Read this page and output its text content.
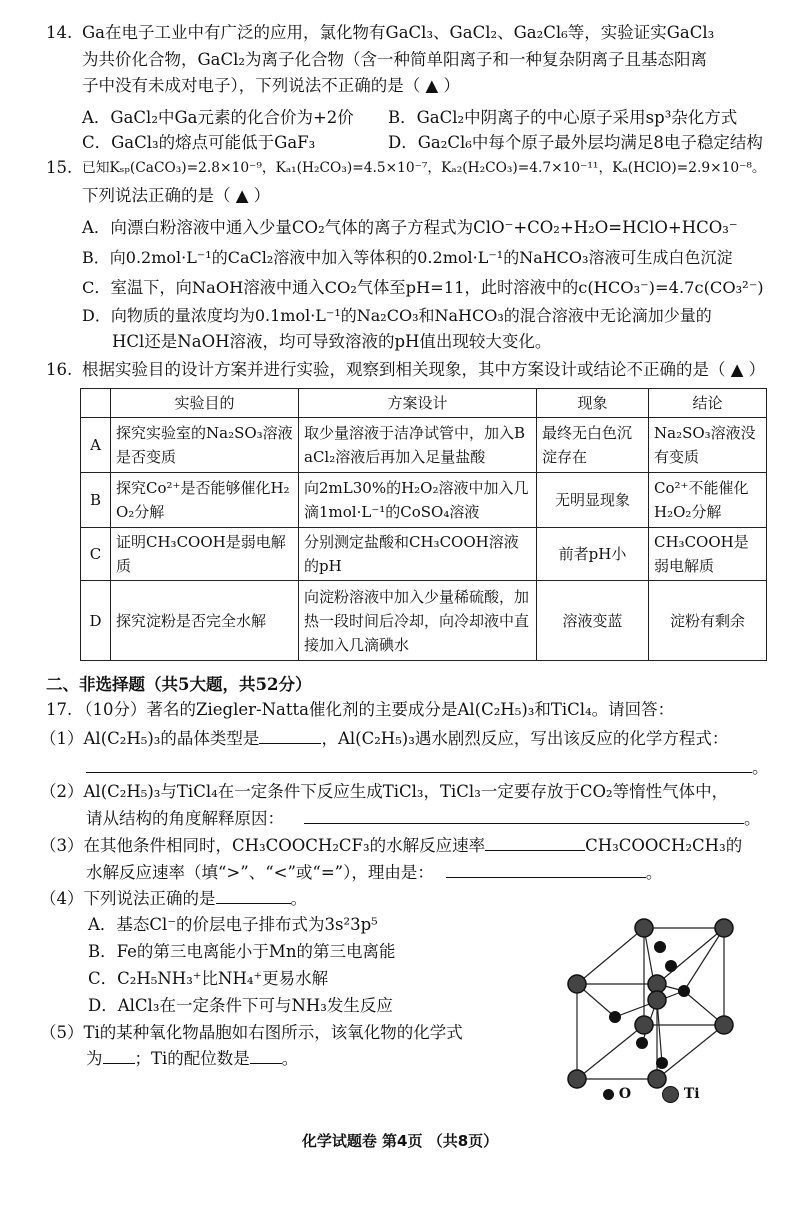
14. Ga在电子工业中有广泛的应用，氯化物有GaCl₃、GaCl₂、Ga₂Cl₆等，实验证实GaCl₃
为共价化合物，GaCl₂为离子化合物（含一种简单阳离子和一种复杂阴离子且基态阳离
子中没有未成对电子），下列说法不正确的是（ ▲ ）
A．GaCl₂中Ga元素的化合价为+2价 B．GaCl₂中阴离子的中心原子采用sp³杂化方式
C．GaCl₃的熔点可能低于GaF₃	D．Ga₂Cl₆中每个原子最外层均满足8电子稳定结构
15. 已知Kₛₚ(CaCO₃)=2.8×10⁻⁹，Kₐ₁(H₂CO₃)=4.5×10⁻⁷，Kₐ₂(H₂CO₃)=4.7×10⁻¹¹，Kₐ(HClO)=2.9×10⁻⁸。
下列说法正确的是（ ▲ ）
A．向漂白粉溶液中通入少量CO₂气体的离子方程式为ClO⁻+CO₂+H₂O=HClO+HCO₃⁻
B．向0.2mol·L⁻¹的CaCl₂溶液中加入等体积的0.2mol·L⁻¹的NaHCO₃溶液可生成白色沉淀
C．室温下，向NaOH溶液中通入CO₂气体至pH=11，此时溶液中的c(HCO₃⁻)=4.7c(CO₃²⁻)
D．向物质的量浓度均为0.1mol·L⁻¹的Na₂CO₃和NaHCO₃的混合溶液中无论滴加少量的
HCl还是NaOH溶液，均可导致溶液的pH值出现较大变化。
16. 根据实验目的设计方案并进行实验，观察到相关现象，其中方案设计或结论不正确的是（ ▲ ）
	实验目的	方案设计	现象	结论
A	探究实验室的Na₂SO₃溶液是否变质	取少量溶液于洁净试管中，加入BaCl₂溶液后再加入足量盐酸	最终无白色沉淀存在	Na₂SO₃溶液没有变质
B	探究Co²⁺是否能够催化H₂O₂分解	向2mL30%的H₂O₂溶液中加入几滴1mol·L⁻¹的CoSO₄溶液	无明显现象	Co²⁺不能催化H₂O₂分解
C	证明CH₃COOH是弱电解质	分别测定盐酸和CH₃COOH溶液的pH	前者pH小	CH₃COOH是弱电解质
D	探究淀粉是否完全水解	向淀粉溶液中加入少量稀硫酸，加热一段时间后冷却，向冷却液中直接加入几滴碘水	溶液变蓝	淀粉有剩余
二、非选择题（共5大题，共52分）
17. （10分）著名的Ziegler-Natta催化剂的主要成分是Al(C₂H₅)₃和TiCl₄。请回答：
（1）Al(C₂H₅)₃的晶体类型是	，Al(C₂H₅)₃遇水剧烈反应，写出该反应的化学方程式：
。
（2）Al(C₂H₅)₃与TiCl₄在一定条件下反应生成TiCl₃，TiCl₃一定要存放于CO₂等惰性气体中，
请从结构的角度解释原因：	。
（3）在其他条件相同时，CH₃COOCH₂CF₃的水解反应速率	CH₃COOCH₂CH₃的
水解反应速率（填“>”、“<”或“=”），理由是：	。
（4）下列说法正确的是	。
A．基态Cl⁻的价层电子排布式为3s²3p⁵
B．Fe的第三电离能小于Mn的第三电离能
C．C₂H₅NH₃⁺比NH₄⁺更易水解
D．AlCl₃在一定条件下可与NH₃发生反应
（5）Ti的某种氧化物晶胞如右图所示，该氧化物的化学式
为 ；Ti的配位数是 。
O	Ti
化学试题卷 第4页 （共8页）
